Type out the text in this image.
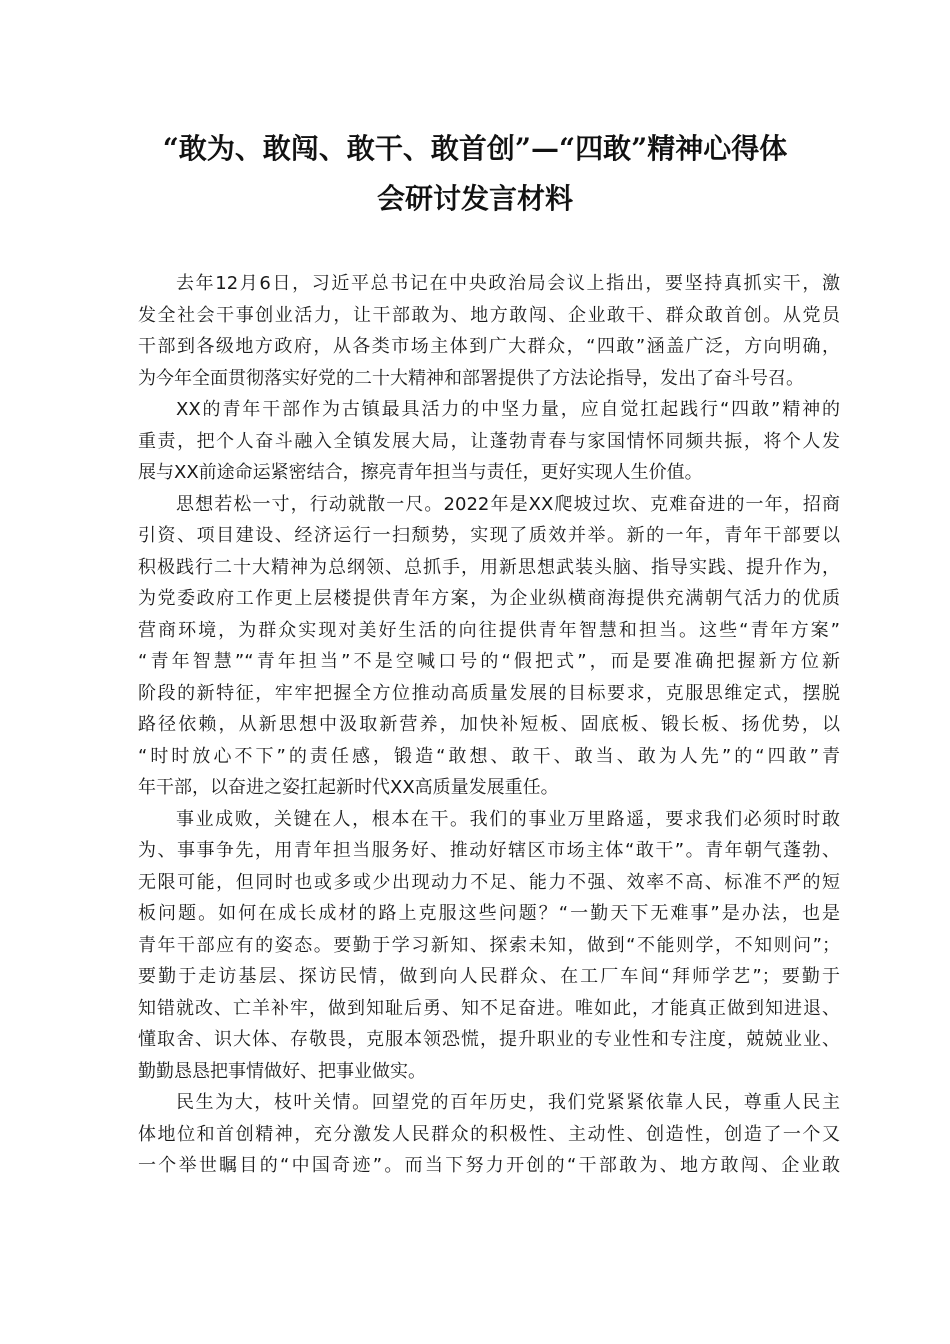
“敢为、敢闯、敢干、敢首创”—“四敢”精神心得体
会研讨发言材料
去年12月6日，习近平总书记在中央政治局会议上指出，要坚持真抓实干，激
发全社会干事创业活力，让干部敢为、地方敢闯、企业敢干、群众敢首创。从党员
干部到各级地方政府，从各类市场主体到广大群众，“四敢”涵盖广泛，方向明确，
为今年全面贯彻落实好党的二十大精神和部署提供了方法论指导，发出了奋斗号召。
XX的青年干部作为古镇最具活力的中坚力量，应自觉扛起践行“四敢”精神的
重责，把个人奋斗融入全镇发展大局，让蓬勃青春与家国情怀同频共振，将个人发
展与XX前途命运紧密结合，擦亮青年担当与责任，更好实现人生价值。
思想若松一寸，行动就散一尺。2022年是XX爬坡过坎、克难奋进的一年，招商
引资、项目建设、经济运行一扫颓势，实现了质效并举。新的一年，青年干部要以
积极践行二十大精神为总纲领、总抓手，用新思想武装头脑、指导实践、提升作为，
为党委政府工作更上层楼提供青年方案，为企业纵横商海提供充满朝气活力的优质
营商环境，为群众实现对美好生活的向往提供青年智慧和担当。这些“青年方案”
“青年智慧”“青年担当”不是空喊口号的“假把式”，而是要准确把握新方位新
阶段的新特征，牢牢把握全方位推动高质量发展的目标要求，克服思维定式，摆脱
路径依赖，从新思想中汲取新营养，加快补短板、固底板、锻长板、扬优势，以
“时时放心不下”的责任感，锻造“敢想、敢干、敢当、敢为人先”的“四敢”青
年干部，以奋进之姿扛起新时代XX高质量发展重任。
事业成败，关键在人，根本在干。我们的事业万里路遥，要求我们必须时时敢
为、事事争先，用青年担当服务好、推动好辖区市场主体“敢干”。青年朝气蓬勃、
无限可能，但同时也或多或少出现动力不足、能力不强、效率不高、标准不严的短
板问题。如何在成长成材的路上克服这些问题？“一勤天下无难事”是办法，也是
青年干部应有的姿态。要勤于学习新知、探索未知，做到“不能则学，不知则问”；
要勤于走访基层、探访民情，做到向人民群众、在工厂车间“拜师学艺”；要勤于
知错就改、亡羊补牢，做到知耻后勇、知不足奋进。唯如此，才能真正做到知进退、
懂取舍、识大体、存敬畏，克服本领恐慌，提升职业的专业性和专注度，兢兢业业、
勤勤恳恳把事情做好、把事业做实。
民生为大，枝叶关情。回望党的百年历史，我们党紧紧依靠人民，尊重人民主
体地位和首创精神，充分激发人民群众的积极性、主动性、创造性，创造了一个又
一个举世瞩目的“中国奇迹”。而当下努力开创的“干部敢为、地方敢闯、企业敢
